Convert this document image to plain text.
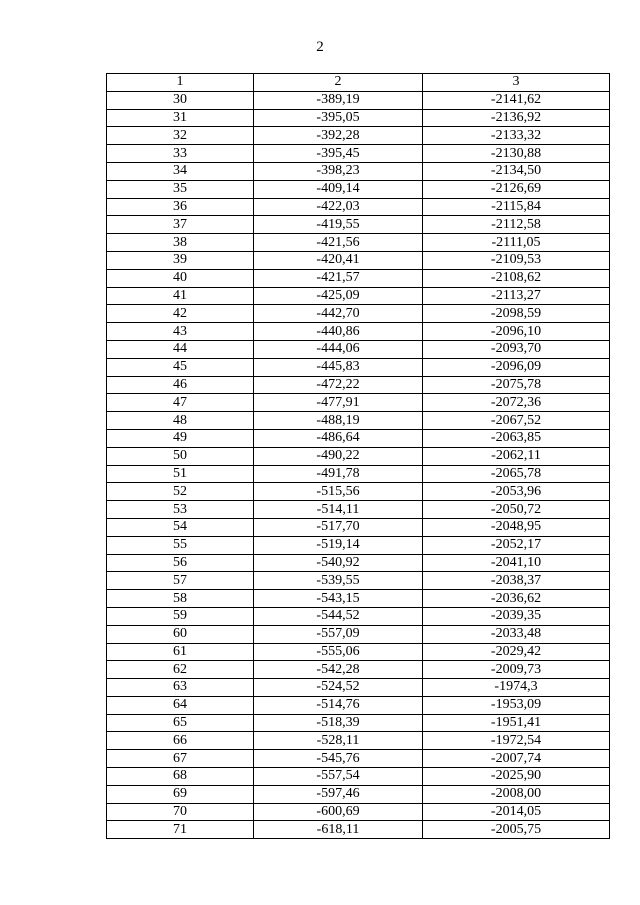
2
1	2	3
30	-389,19	-2141,62
31	-395,05	-2136,92
32	-392,28	-2133,32
33	-395,45	-2130,88
34	-398,23	-2134,50
35	-409,14	-2126,69
36	-422,03	-2115,84
37	-419,55	-2112,58
38	-421,56	-2111,05
39	-420,41	-2109,53
40	-421,57	-2108,62
41	-425,09	-2113,27
42	-442,70	-2098,59
43	-440,86	-2096,10
44	-444,06	-2093,70
45	-445,83	-2096,09
46	-472,22	-2075,78
47	-477,91	-2072,36
48	-488,19	-2067,52
49	-486,64	-2063,85
50	-490,22	-2062,11
51	-491,78	-2065,78
52	-515,56	-2053,96
53	-514,11	-2050,72
54	-517,70	-2048,95
55	-519,14	-2052,17
56	-540,92	-2041,10
57	-539,55	-2038,37
58	-543,15	-2036,62
59	-544,52	-2039,35
60	-557,09	-2033,48
61	-555,06	-2029,42
62	-542,28	-2009,73
63	-524,52	-1974,3
64	-514,76	-1953,09
65	-518,39	-1951,41
66	-528,11	-1972,54
67	-545,76	-2007,74
68	-557,54	-2025,90
69	-597,46	-2008,00
70	-600,69	-2014,05
71	-618,11	-2005,75
